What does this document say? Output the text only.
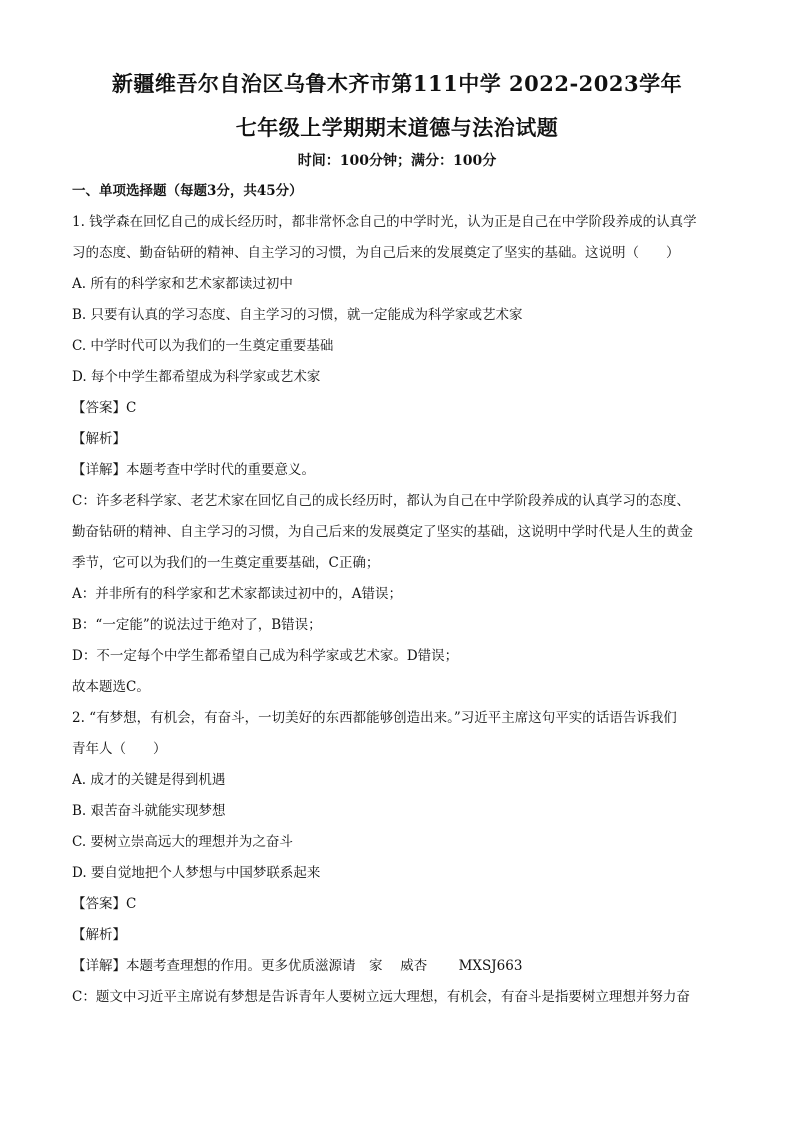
新疆维吾尔自治区乌鲁木齐市第111中学 2022-2023学年
七年级上学期期末道德与法治试题
时间：100分钟；满分：100分
一、单项选择题（每题3分，共45分）
1. 钱学森在回忆自己的成长经历时，都非常怀念自己的中学时光，认为正是自己在中学阶段养成的认真学
习的态度、勤奋钻研的精神、自主学习的习惯，为自己后来的发展奠定了坚实的基础。这说明（　　）
A. 所有的科学家和艺术家都读过初中
B. 只要有认真的学习态度、自主学习的习惯，就一定能成为科学家或艺术家
C. 中学时代可以为我们的一生奠定重要基础
D. 每个中学生都希望成为科学家或艺术家
【答案】C
【解析】
【详解】本题考查中学时代的重要意义。
C：许多老科学家、老艺术家在回忆自己的成长经历时，都认为自己在中学阶段养成的认真学习的态度、
勤奋钻研的精神、自主学习的习惯，为自己后来的发展奠定了坚实的基础，这说明中学时代是人生的黄金
季节，它可以为我们的一生奠定重要基础，C正确；
A：并非所有的科学家和艺术家都读过初中的，A错误；
B：“一定能”的说法过于绝对了，B错误；
D：不一定每个中学生都希望自己成为科学家或艺术家。D错误；
故本题选C。
2. “有梦想，有机会，有奋斗，一切美好的东西都能够创造出来。”习近平主席这句平实的话语告诉我们
青年人（　　）
A. 成才的关键是得到机遇
B. 艰苦奋斗就能实现梦想
C. 要树立崇高远大的理想并为之奋斗
D. 要自觉地把个人梦想与中国梦联系起来
【答案】C
【解析】
【详解】本题考查理想的作用。更多优质滋源请　家　 威杏　　 MXSJ663
C：题文中习近平主席说有梦想是告诉青年人要树立远大理想，有机会，有奋斗是指要树立理想并努力奋
